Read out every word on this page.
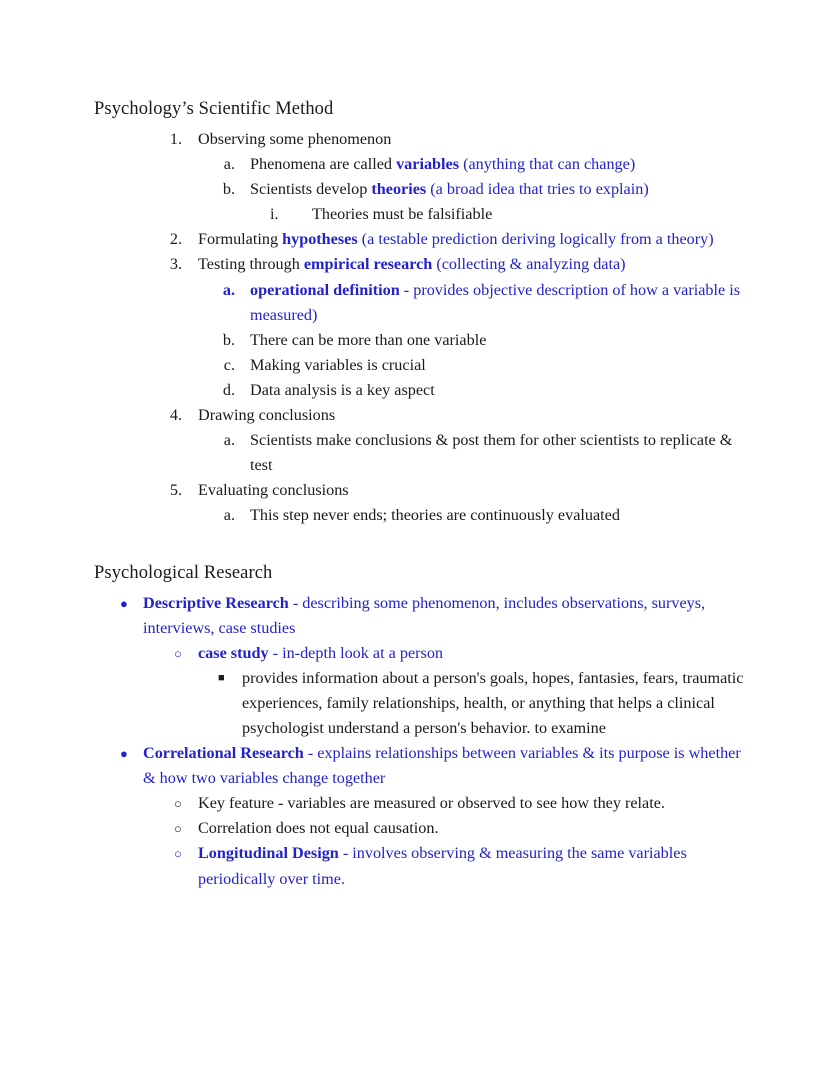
Psychology’s Scientific Method
1. Observing some phenomenon
a. Phenomena are called variables (anything that can change)
b. Scientists develop theories (a broad idea that tries to explain)
i.	Theories must be falsifiable
2. Formulating hypotheses (a testable prediction deriving logically from a theory)
3. Testing through empirical research (collecting & analyzing data)
a. operational definition - provides objective description of how a variable is measured)
b. There can be more than one variable
c. Making variables is crucial
d. Data analysis is a key aspect
4. Drawing conclusions
a. Scientists make conclusions & post them for other scientists to replicate & test
5. Evaluating conclusions
a. This step never ends; theories are continuously evaluated
Psychological Research
● Descriptive Research - describing some phenomenon, includes observations, surveys, interviews, case studies
○ case study - in-depth look at a person
■	provides information about a person's goals, hopes, fantasies, fears, traumatic experiences, family relationships, health, or anything that helps a clinical psychologist understand a person's behavior. to examine
● Correlational Research - explains relationships between variables & its purpose is whether & how two variables change together
○ Key feature - variables are measured or observed to see how they relate.
○ Correlation does not equal causation.
○ Longitudinal Design - involves observing & measuring the same variables periodically over time.
